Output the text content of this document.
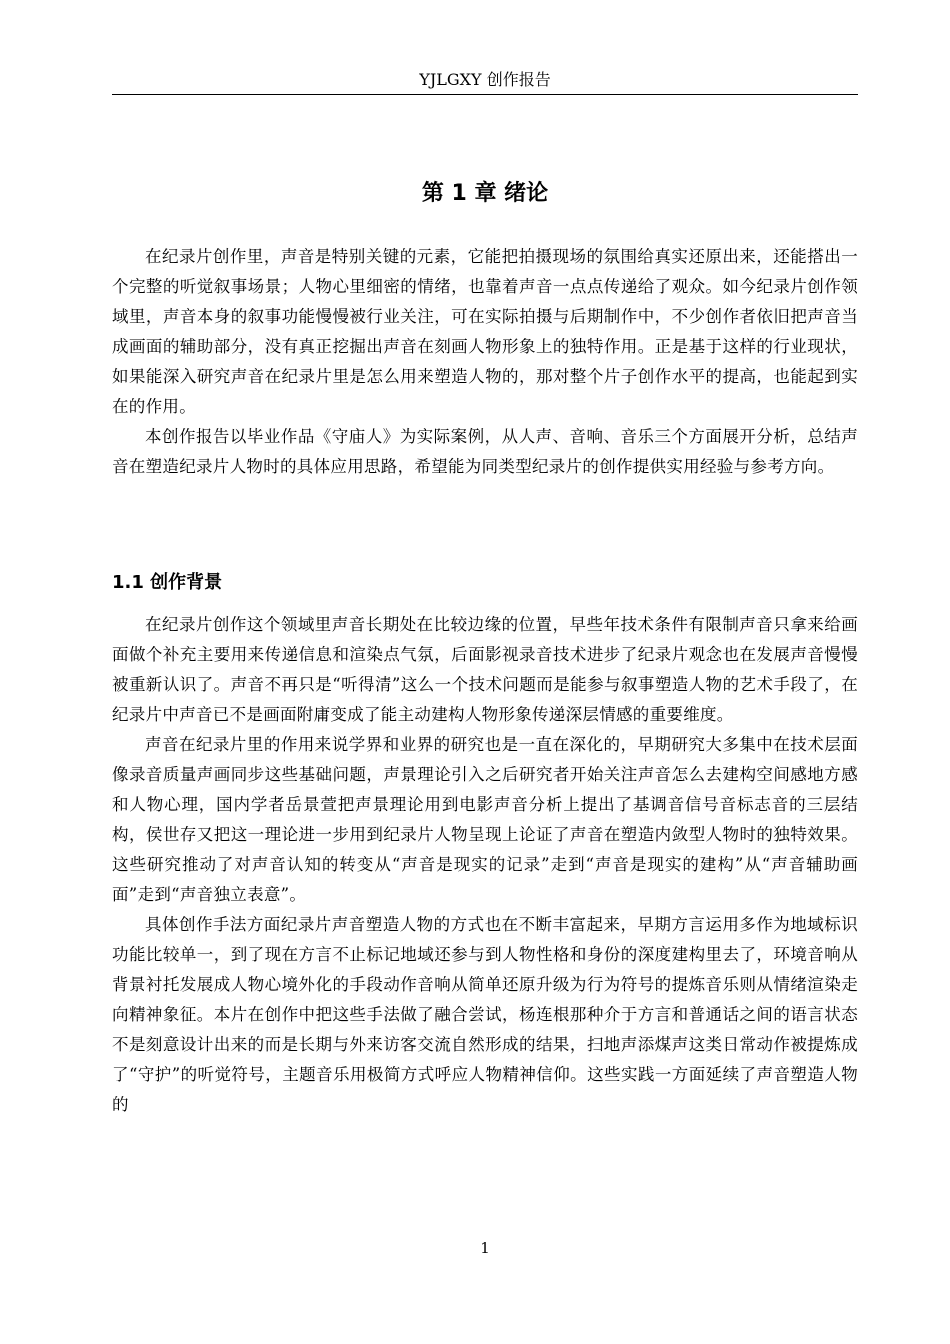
YJLGXY 创作报告
第 1 章 绪论

在纪录片创作里，声音是特别关键的元素，它能把拍摄现场的氛围给真实还原出来，还能搭出一个完整的听觉叙事场景；人物心里细密的情绪，也靠着声音一点点传递给了观众。如今纪录片创作领域里，声音本身的叙事功能慢慢被行业关注，可在实际拍摄与后期制作中，不少创作者依旧把声音当成画面的辅助部分，没有真正挖掘出声音在刻画人物形象上的独特作用。正是基于这样的行业现状，如果能深入研究声音在纪录片里是怎么用来塑造人物的，那对整个片子创作水平的提高，也能起到实在的作用。

本创作报告以毕业作品《守庙人》为实际案例，从人声、音响、音乐三个方面展开分析，总结声音在塑造纪录片人物时的具体应用思路，希望能为同类型纪录片的创作提供实用经验与参考方向。

1.1 创作背景

在纪录片创作这个领域里声音长期处在比较边缘的位置，早些年技术条件有限制声音只拿来给画面做个补充主要用来传递信息和渲染点气氛，后面影视录音技术进步了纪录片观念也在发展声音慢慢被重新认识了。声音不再只是“听得清”这么一个技术问题而是能参与叙事塑造人物的艺术手段了，在纪录片中声音已不是画面附庸变成了能主动建构人物形象传递深层情感的重要维度。

声音在纪录片里的作用来说学界和业界的研究也是一直在深化的，早期研究大多集中在技术层面像录音质量声画同步这些基础问题，声景理论引入之后研究者开始关注声音怎么去建构空间感地方感和人物心理，国内学者岳景萱把声景理论用到电影声音分析上提出了基调音信号音标志音的三层结构，侯世存又把这一理论进一步用到纪录片人物呈现上论证了声音在塑造内敛型人物时的独特效果。这些研究推动了对声音认知的转变从“声音是现实的记录”走到“声音是现实的建构”从“声音辅助画面”走到“声音独立表意”。

具体创作手法方面纪录片声音塑造人物的方式也在不断丰富起来，早期方言运用多作为地域标识功能比较单一，到了现在方言不止标记地域还参与到人物性格和身份的深度建构里去了，环境音响从背景衬托发展成人物心境外化的手段动作音响从简单还原升级为行为符号的提炼音乐则从情绪渲染走向精神象征。本片在创作中把这些手法做了融合尝试，杨连根那种介于方言和普通话之间的语言状态不是刻意设计出来的而是长期与外来访客交流自然形成的结果，扫地声添煤声这类日常动作被提炼成了“守护”的听觉符号，主题音乐用极简方式呼应人物精神信仰。这些实践一方面延续了声音塑造人物的

1
